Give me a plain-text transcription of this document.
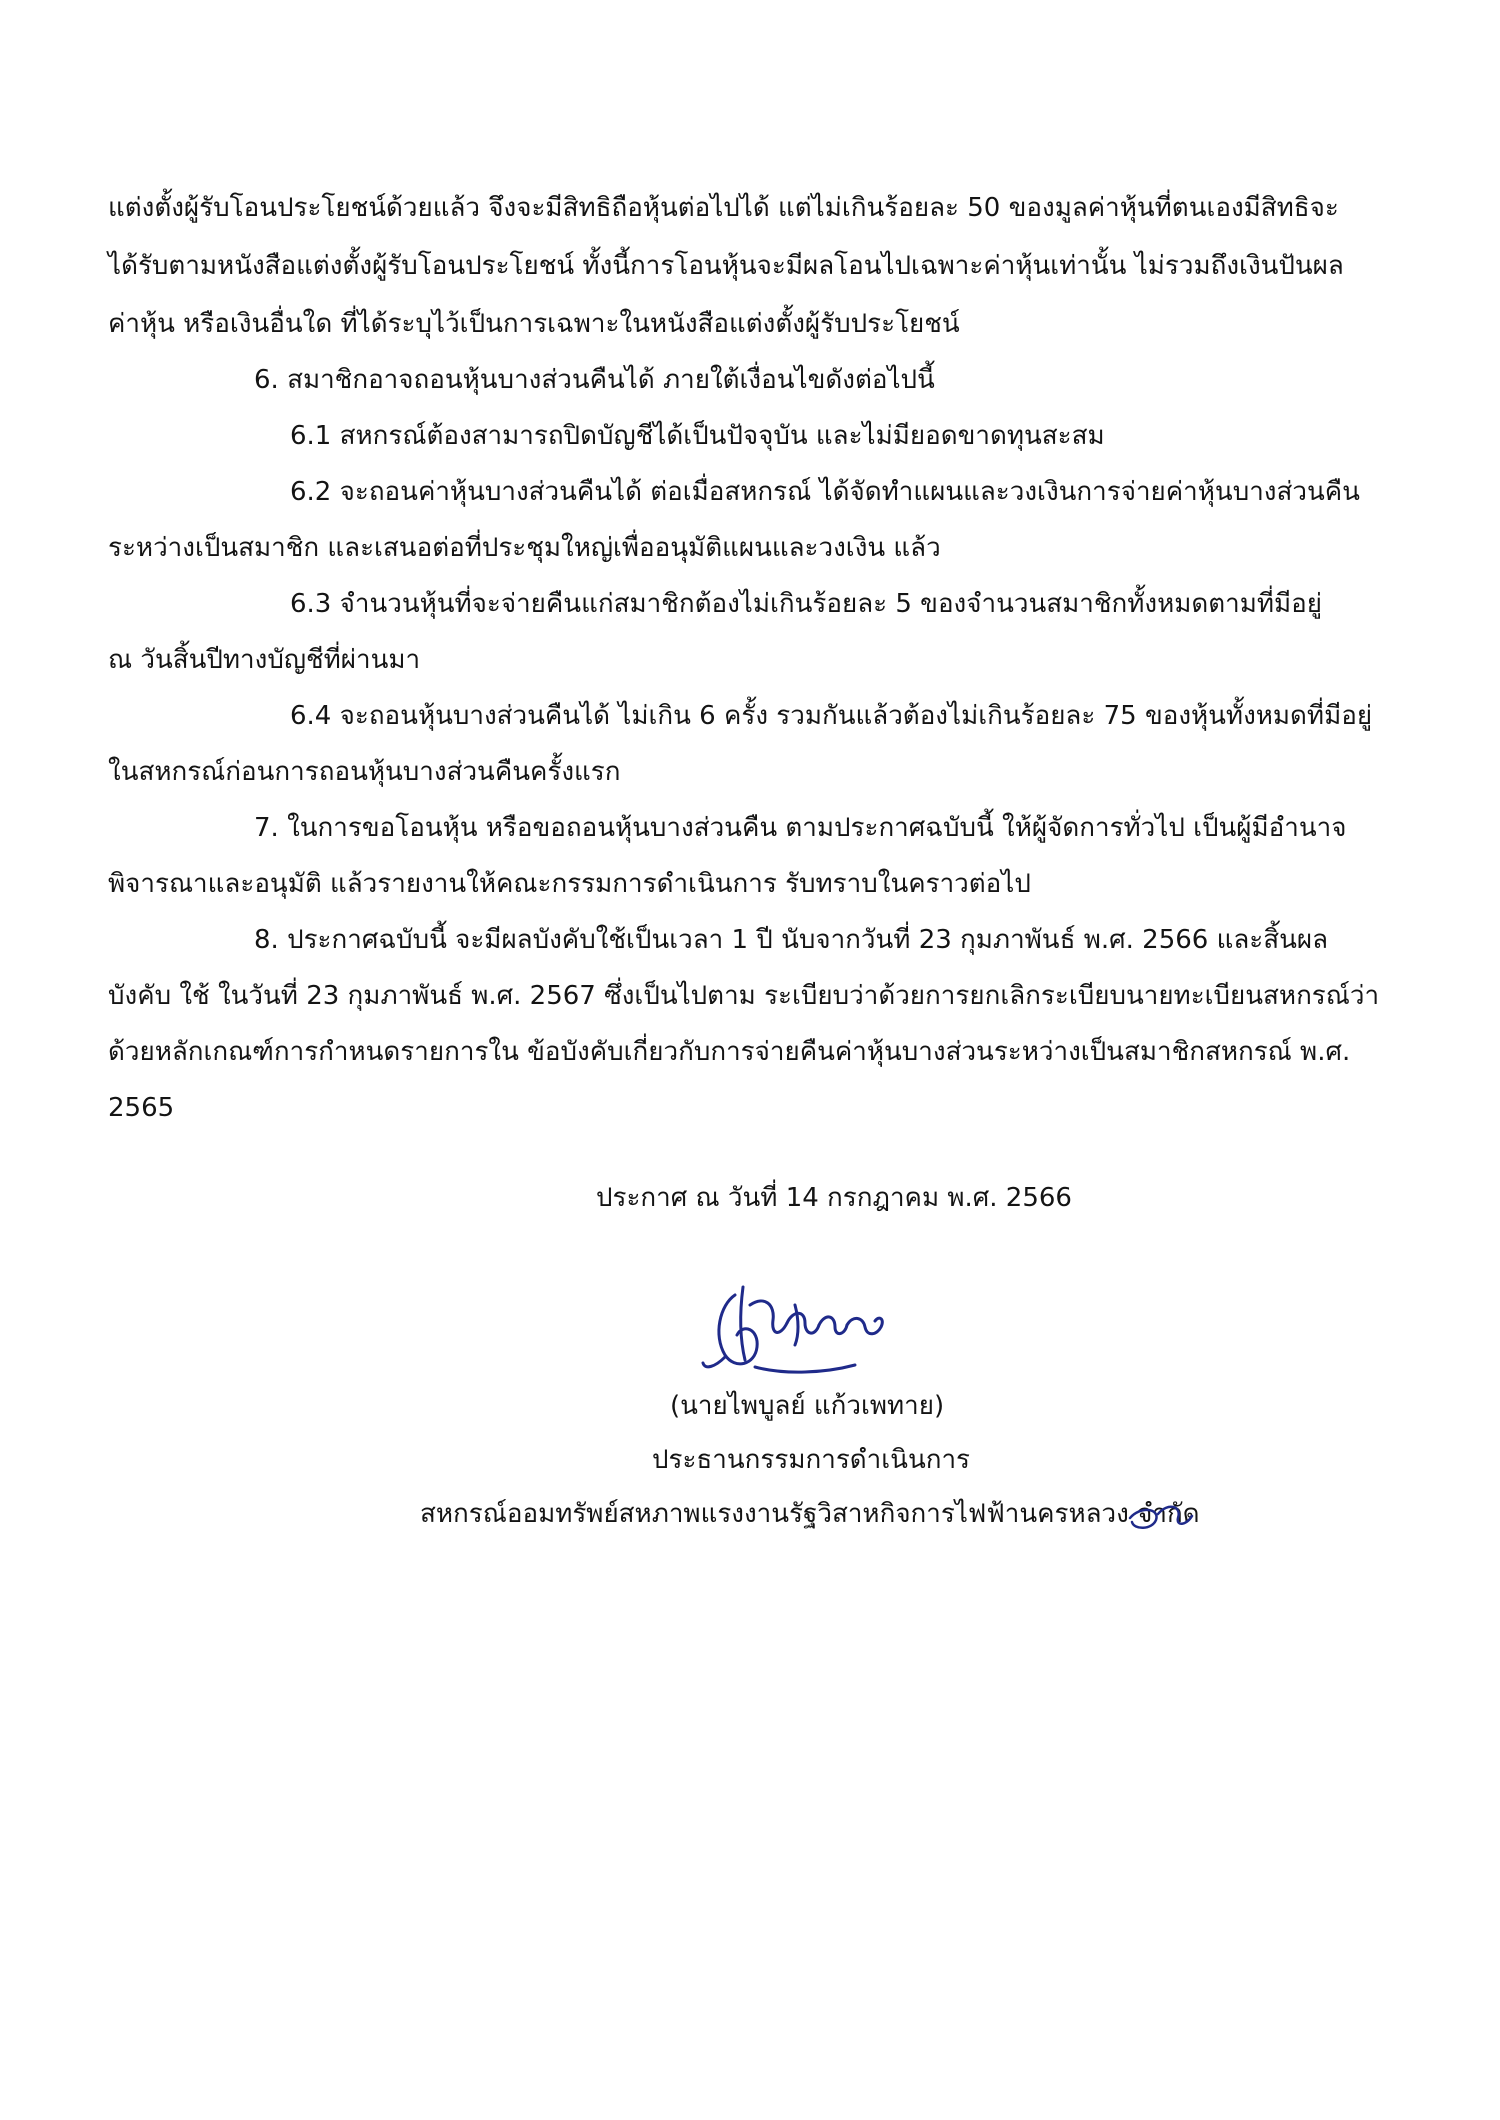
แต่งตั้งผู้รับโอนประโยชน์ด้วยแล้ว จึงจะมีสิทธิถือหุ้นต่อไปได้ แต่ไม่เกินร้อยละ 50 ของมูลค่าหุ้นที่ตนเองมีสิทธิจะ
ได้รับตามหนังสือแต่งตั้งผู้รับโอนประโยชน์ ทั้งนี้การโอนหุ้นจะมีผลโอนไปเฉพาะค่าหุ้นเท่านั้น ไม่รวมถึงเงินปันผล
ค่าหุ้น หรือเงินอื่นใด ที่ได้ระบุไว้เป็นการเฉพาะในหนังสือแต่งตั้งผู้รับประโยชน์
6. สมาชิกอาจถอนหุ้นบางส่วนคืนได้ ภายใต้เงื่อนไขดังต่อไปนี้
6.1 สหกรณ์ต้องสามารถปิดบัญชีได้เป็นปัจจุบัน และไม่มียอดขาดทุนสะสม
6.2 จะถอนค่าหุ้นบางส่วนคืนได้ ต่อเมื่อสหกรณ์ ได้จัดทำแผนและวงเงินการจ่ายค่าหุ้นบางส่วนคืน
ระหว่างเป็นสมาชิก และเสนอต่อที่ประชุมใหญ่เพื่ออนุมัติแผนและวงเงิน แล้ว
6.3 จำนวนหุ้นที่จะจ่ายคืนแก่สมาชิกต้องไม่เกินร้อยละ 5 ของจำนวนสมาชิกทั้งหมดตามที่มีอยู่
ณ วันสิ้นปีทางบัญชีที่ผ่านมา
6.4 จะถอนหุ้นบางส่วนคืนได้ ไม่เกิน 6 ครั้ง รวมกันแล้วต้องไม่เกินร้อยละ 75 ของหุ้นทั้งหมดที่มีอยู่
ในสหกรณ์ก่อนการถอนหุ้นบางส่วนคืนครั้งแรก
7. ในการขอโอนหุ้น หรือขอถอนหุ้นบางส่วนคืน ตามประกาศฉบับนี้ ให้ผู้จัดการทั่วไป เป็นผู้มีอำนาจ
พิจารณาและอนุมัติ แล้วรายงานให้คณะกรรมการดำเนินการ รับทราบในคราวต่อไป
8. ประกาศฉบับนี้ จะมีผลบังคับใช้เป็นเวลา 1 ปี นับจากวันที่ 23 กุมภาพันธ์ พ.ศ. 2566 และสิ้นผล
บังคับ ใช้ ในวันที่ 23 กุมภาพันธ์ พ.ศ. 2567 ซึ่งเป็นไปตาม ระเบียบว่าด้วยการยกเลิกระเบียบนายทะเบียนสหกรณ์ว่า
ด้วยหลักเกณฑ์การกำหนดรายการใน ข้อบังคับเกี่ยวกับการจ่ายคืนค่าหุ้นบางส่วนระหว่างเป็นสมาชิกสหกรณ์ พ.ศ.
2565
ประกาศ ณ วันที่ 14 กรกฎาคม พ.ศ. 2566
(นายไพบูลย์ แก้วเพทาย)
ประธานกรรมการดำเนินการ
สหกรณ์ออมทรัพย์สหภาพแรงงานรัฐวิสาหกิจการไฟฟ้านครหลวง จำกัด
